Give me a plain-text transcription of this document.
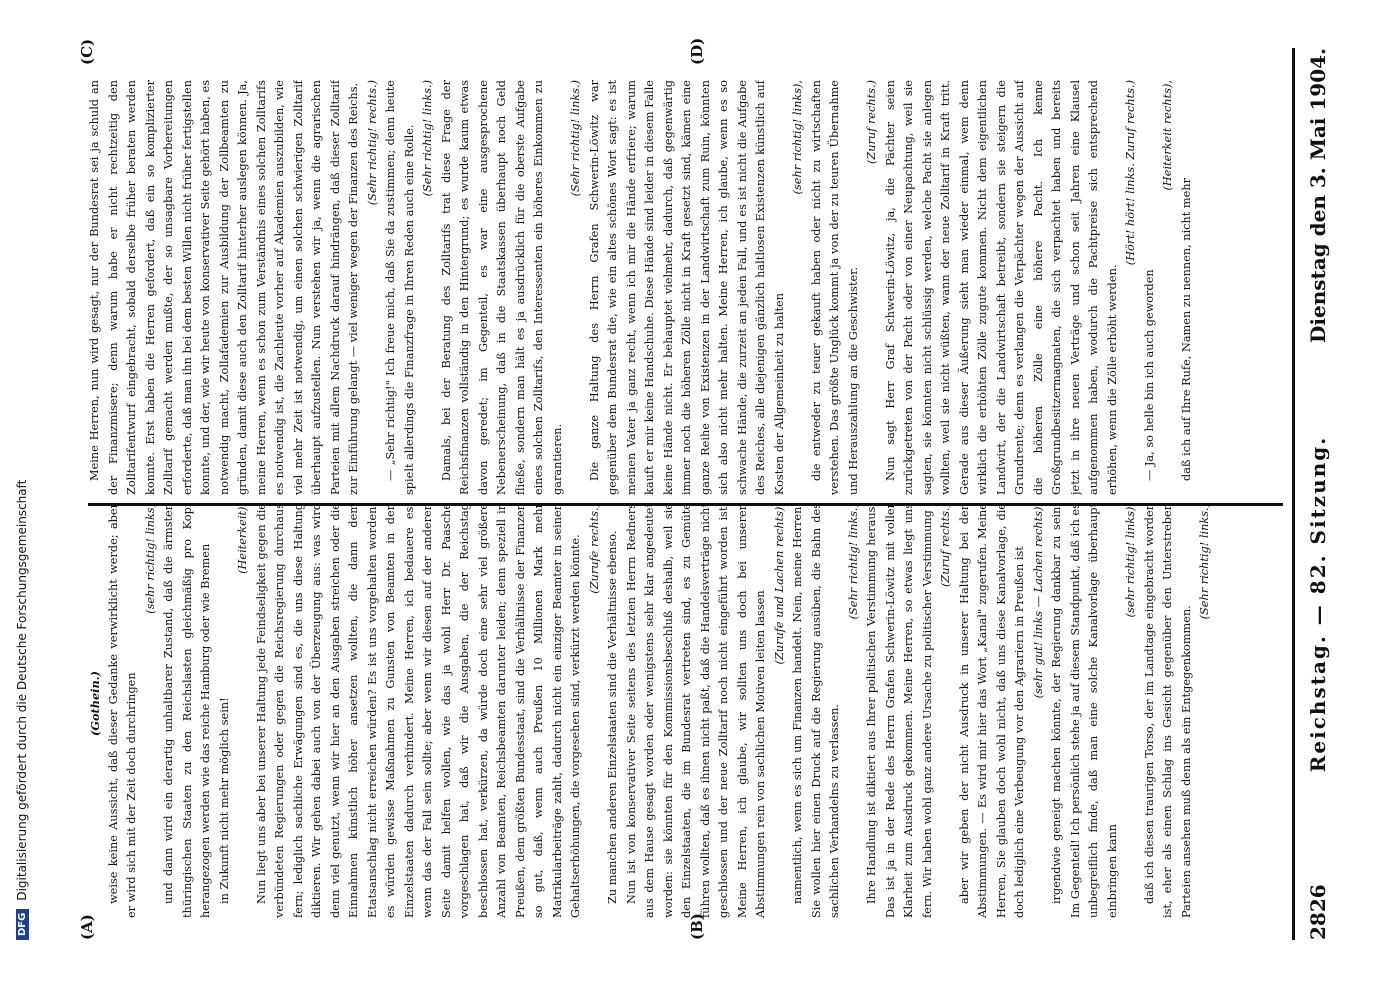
2826
Reichstag. — 82. Sitzung.
Dienstag den 3. Mai 1904.
(A)	(B)
(C)	(D)

(Gothein.) weise keine Aussicht, daß dieser Gedanke verwirklicht werde; aber er wird sich mit der Zeit doch durchringen

(sehr richtig! links) und dann wird ein derartig unhaltbarer Zustand, daß die ärmsten thüringischen Staaten zu den Reichslasten gleichmäßig pro Kopf herangezogen werden wie das reiche Hamburg oder wie Bremen in Zukunft nicht mehr möglich sein!

(Heiterkeit), Nun liegt uns aber bei unserer Haltung jede Feindseligkeit gegen die verbündeten Regierungen oder gegen die Reichsregierung durchaus fern; lediglich sachliche Erwägungen sind es, die uns diese Haltung diktieren. Wir gehen dabei auch von der Überzeugung aus: was wird denn viel genutzt, wenn wir hier an den Ausgaben streichen oder die Einnahmen künstlich höher ansetzen wollten, die dann dem Etatsanschlag nicht erreichen würden? Es ist uns vorgehalten worden, es würden gewisse Maßnahmen zu Gunsten von Beamten in den Einzelstaaten dadurch verhindert. Meine Herren, ich bedauere es, wenn das der Fall sein sollte; aber wenn wir diesen auf der anderen Seite damit helfen wollen, wie das ja wohl Herr Dr. Paasche vorgeschlagen hat, daß wir die Ausgaben, die der Reichstag beschlossen hat, verkürzen, da würde doch eine sehr viel größere Anzahl von Beamten, Reichsbeamten darunter leiden; denn speziell in Preußen, dem größten Bundesstaat, sind die Verhältnisse der Finanzen so gut, daß, wenn auch Preußen 10 Millionen Mark mehr Matrikularbeiträge zahlt, dadurch nicht ein einziger Beamter in seinen Gehaltserhöhungen, die vorgesehen sind, verkürzt werden könnte. (Zurufe rechts.) Zu manchen anderen Einzelstaaten sind die Verhältnisse ebenso. Nun ist von konservativer Seite seitens des letzten Herrn Redners aus dem Hause gesagt worden oder wenigstens sehr klar angedeutet worden: sie könnten für den Kommissionsbeschluß deshalb, weil sie den Einzelstaaten, die im Bundesrat vertreten sind, es zu Gemüte führen wollten, daß es ihnen nicht paßt, daß die Handelsverträge nicht geschlossen und der neue Zolltarif noch nicht eingeführt worden ist. Meine Herren, ich glaube, wir sollten uns doch bei unseren Abstimmungen rein von sachlichen Motiven leiten lassen

(Zurufe und Lachen rechts), namentlich, wenn es sich um Finanzen handelt. Nein, meine Herren, Sie wollen hier einen Druck auf die Regierung ausüben, die Bahn des sachlichen Verhandelns zu verlassen.

(Sehr richtig! links.) Ihre Handlung ist diktiert aus Ihrer politischen Verstimmung heraus. Das ist ja in der Rede des Herrn Grafen Schwerin-Löwitz mit voller Klarheit zum Ausdruck gekommen. Meine Herren, so etwas liegt uns fern. Wir haben wohl ganz andere Ursache zu politischer Verstimmung (Zuruf rechts.) aber wir geben der nicht Ausdruck in unserer Haltung bei den Abstimmungen. — Es wird mir hier das Wort „Kanal" zugerufen. Meine Herren, Sie glauben doch wohl nicht, daß uns diese Kanalvorlage, die doch lediglich eine Verbeugung vor den Agrariern in Preußen ist (sehr gut! links — Lachen rechts), irgendwie geneigt machen könnte, der Regierung dankbar zu sein. Im Gegenteil! Ich persönlich stehe ja auf diesem Standpunkt, daß ich es unbegreiflich finde, daß man eine solche Kanalvorlage überhaupt einbringen kann

(sehr richtig! links), daß ich diesen traurigen Torso, der im Landtage eingebracht worden ist, eher als einen Schlag ins Gesicht gegenüber den Unterstreben Parteien ansehen muß denn als ein Entgegenkommen.

(Sehr richtig! links.)

Meine Herren, nun wird gesagt, nur der Bundesrat sei ja schuld an der Finanzmisere; denn warum habe er nicht rechtzeitig den Zolltarifentwurf eingebracht, sobald derselbe früher beraten werden konnte. Erst haben die Herren gefordert, daß ein so komplizierter Zolltarif gemacht werden mußte, der so unsagbare Vorbereitungen erforderte, daß man ihn bei dem besten Willen nicht früher fertigstellen konnte, und der, wie wir heute von konservativer Seite gehört haben, es notwendig macht, Zollafademien zur Ausbildung der Zollbeamten zu gründen, damit diese auch den Zolltarif hinterher auslegen können. Ja, meine Herren, wenn es schon zum Verständnis eines solchen Zolltarifs es notwendig ist, die Zachleute vorher auf Akademien auszubilden, wie viel mehr Zeit ist notwendig, um einen solchen schwierigen Zolltarif überhaupt aufzustellen. Nun verstehen wir ja, wenn die agrarischen Parteien mit allem Nachdruck darauf hindrängen, daß dieser Zolltarif zur Einführung gelangt — viel weniger wegen der Finanzen des Reichs. (Sehr richtig! rechts.) — „Sehr richtig!" Ich freue mich, daß Sie da zustimmen; denn heute spielt allerdings die Finanzfrage in Ihren Reden auch eine Rolle. (Sehr richtig! links.) Damals, bei der Beratung des Zolltarifs trat diese Frage der Reichsfinanzen vollständig in den Hintergrund; es wurde kaum etwas davon geredet; im Gegenteil, es war eine ausgesprochene Nebenerscheinung, daß in die Staatskassen überhaupt noch Geld fließe, sondern man hält es ja ausdrücklich für die oberste Aufgabe eines solchen Zolltarifs, den Interessenten ein höheres Einkommen zu garantieren.

(Sehr richtig! links.) Die ganze Haltung des Herrn Grafen Schwerin-Löwitz war gegenüber dem Bundesrat die, wie ein altes schönes Wort sagt: es ist meinen Vater ja ganz recht, wenn ich mir die Hände erfriere; warum kauft er mir keine Handschuhe. Diese Hände sind leider in diesem Falle keine Hände nicht. Er behauptet vielmehr, dadurch, daß gegenwärtig immer noch die höheren Zölle nicht in Kraft gesetzt sind, kämen eine ganze Reihe von Existenzen in der Landwirtschaft zum Ruin, könnten sich also nicht mehr halten. Meine Herren, ich glaube, wenn es so schwache Hände, die zurzeit an jeden Fall, und es ist nicht die Aufgabe des Reiches, alle diejenigen gänzlich haltlosen Existenzen künstlich auf Kosten der Allgemeinheit zu halten

(sehr richtig! links), die entweder zu teuer gekauft haben oder nicht zu wirtschaften verstehen. Das größte Unglück kommt ja von der zu teuren Übernahme und Herauszahlung an die Geschwister.

(Zuruf rechts.) Nun sagt Herr Graf Schwerin-Löwitz, ja, die Pächter seien zurückgetreten von der Pacht oder von einer Neupachtung, weil sie sagten, sie könnten nicht schlüssig werden, welche Pacht sie anlegen wollten, weil sie nicht wüßten, wann der neue Zolltarif in Kraft tritt. Gerade aus dieser Äußerung sieht man wieder einmal, wem denn wirklich die erhöhten Zölle zugute kommen. Nicht dem eigentlichen Landwirt, der die Landwirtschaft betreibt, sondern sie steigern die Grundrente; denn es verlangen die Verpächter wegen der Aussicht auf die höheren Zölle eine höhere Pacht. Ich kenne Großgrundbesitzermagnaten, die sich verpachtet haben und bereits jetzt in ihre neuen Verträge und schon seit Jahren eine Klausel aufgenommen haben, wodurch die Pachtpreise sich entsprechend erhöhen, wenn die Zölle erhöht werden.

(Hört! hört! links. Zuruf rechts.)

— Ja, so helle bin ich auch geworden

(Heiterkeit rechts),

daß ich auf Ihre Rufe, Namen zu nennen, nicht mehr

DFG
Digitalisierung gefördert durch die Deutsche Forschungsgemeinschaft
